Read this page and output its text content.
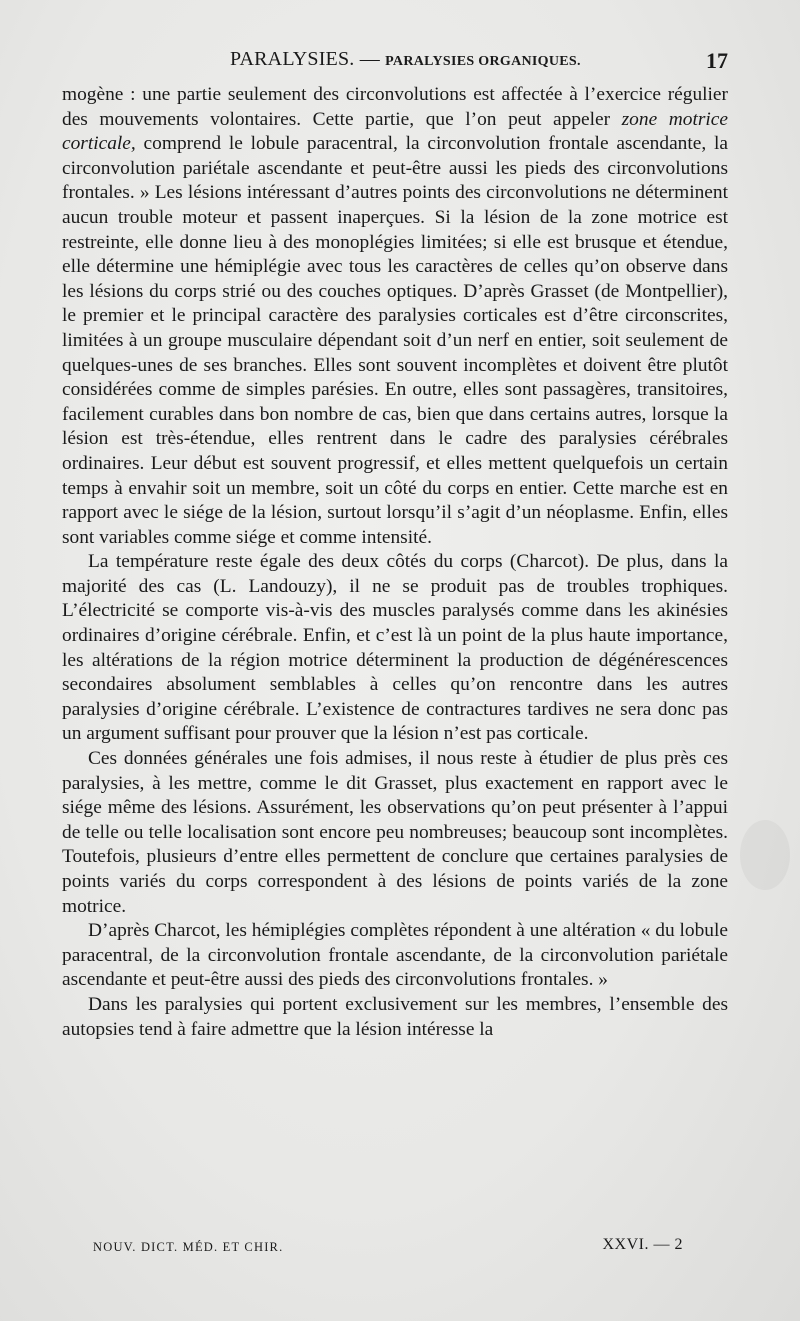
PARALYSIES. — PARALYSIES ORGANIQUES.	17

mogène : une partie seulement des circonvolutions est affectée à l’exercice régulier des mouvements volontaires. Cette partie, que l’on peut appeler zone motrice corticale, comprend le lobule paracentral, la circonvolution frontale ascendante, la circonvolution pariétale ascendante et peut-être aussi les pieds des circonvolutions frontales. » Les lésions intéressant d’autres points des circonvolutions ne déterminent aucun trouble moteur et passent inaperçues. Si la lésion de la zone motrice est restreinte, elle donne lieu à des monoplégies limitées; si elle est brusque et étendue, elle détermine une hémiplégie avec tous les caractères de celles qu’on observe dans les lésions du corps strié ou des couches optiques. D’après Grasset (de Montpellier), le premier et le principal caractère des paralysies corticales est d’être circonscrites, limitées à un groupe musculaire dépendant soit d’un nerf en entier, soit seulement de quelques-unes de ses branches. Elles sont souvent incomplètes et doivent être plutôt considérées comme de simples parésies. En outre, elles sont passagères, transitoires, facilement curables dans bon nombre de cas, bien que dans certains autres, lorsque la lésion est très-étendue, elles rentrent dans le cadre des paralysies cérébrales ordinaires. Leur début est souvent progressif, et elles mettent quelquefois un certain temps à envahir soit un membre, soit un côté du corps en entier. Cette marche est en rapport avec le siége de la lésion, surtout lorsqu’il s’agit d’un néoplasme. Enfin, elles sont variables comme siége et comme intensité.

La température reste égale des deux côtés du corps (Charcot). De plus, dans la majorité des cas (L. Landouzy), il ne se produit pas de troubles trophiques. L’électricité se comporte vis-à-vis des muscles paralysés comme dans les akinésies ordinaires d’origine cérébrale. Enfin, et c’est là un point de la plus haute importance, les altérations de la région motrice déterminent la production de dégénérescences secondaires absolument semblables à celles qu’on rencontre dans les autres paralysies d’origine cérébrale. L’existence de contractures tardives ne sera donc pas un argument suffisant pour prouver que la lésion n’est pas corticale.

Ces données générales une fois admises, il nous reste à étudier de plus près ces paralysies, à les mettre, comme le dit Grasset, plus exactement en rapport avec le siége même des lésions. Assurément, les observations qu’on peut présenter à l’appui de telle ou telle localisation sont encore peu nombreuses; beaucoup sont incomplètes. Toutefois, plusieurs d’entre elles permettent de conclure que certaines paralysies de points variés du corps correspondent à des lésions de points variés de la zone motrice.

D’après Charcot, les hémiplégies complètes répondent à une altération « du lobule paracentral, de la circonvolution frontale ascendante, de la circonvolution pariétale ascendante et peut-être aussi des pieds des circonvolutions frontales. »

Dans les paralysies qui portent exclusivement sur les membres, l’ensemble des autopsies tend à faire admettre que la lésion intéresse la

NOUV. DICT. MÉD. ET CHIR.	XXVI. — 2
